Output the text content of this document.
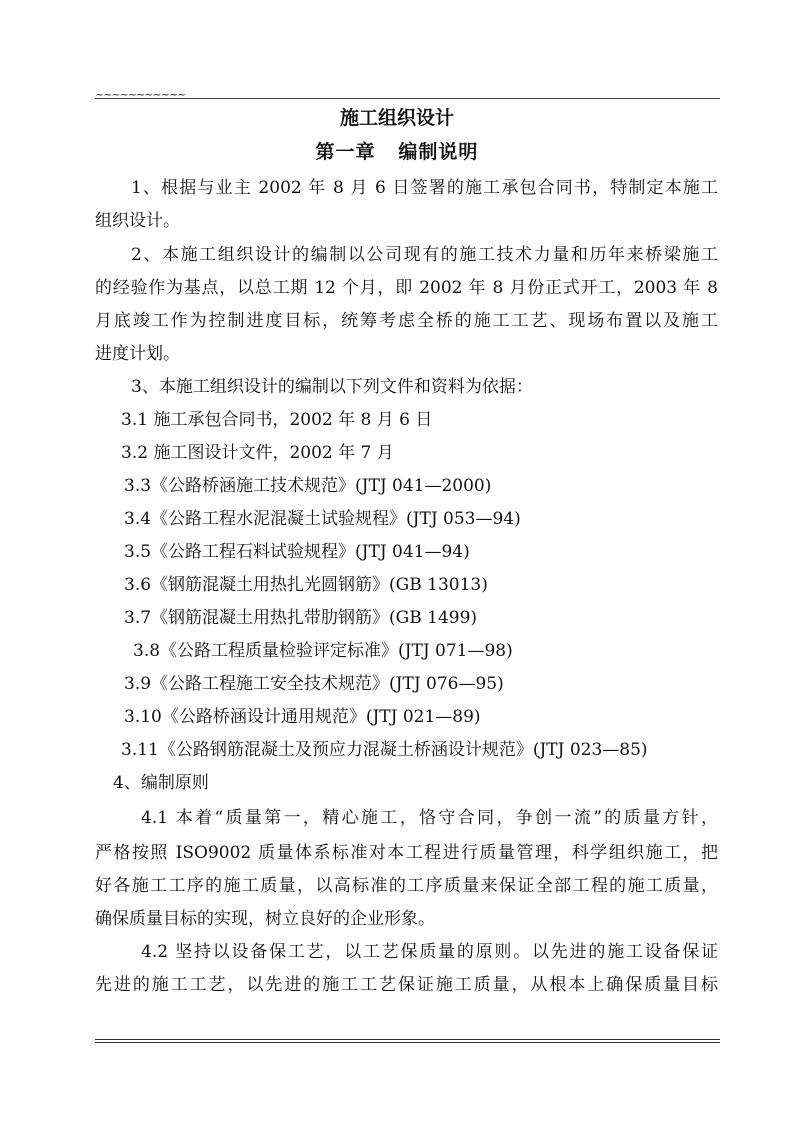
~~~~~~~~~~~
施工组织设计
第一章 编制说明
1、根据与业主 2002 年 8 月 6 日签署的施工承包合同书，特制定本施工
组织设计。
2、本施工组织设计的编制以公司现有的施工技术力量和历年来桥梁施工
的经验作为基点，以总工期 12 个月，即 2002 年 8 月份正式开工，2003 年 8
月底竣工作为控制进度目标，统筹考虑全桥的施工工艺、现场布置以及施工
进度计划。
3、本施工组织设计的编制以下列文件和资料为依据：
3.1 施工承包合同书，2002 年 8 月 6 日
3.2 施工图设计文件，2002 年 7 月
3.3《公路桥涵施工技术规范》(JTJ 041—2000)
3.4《公路工程水泥混凝土试验规程》(JTJ 053—94)
3.5《公路工程石料试验规程》(JTJ 041—94)
3.6《钢筋混凝土用热扎光圆钢筋》(GB 13013)
3.7《钢筋混凝土用热扎带肋钢筋》(GB 1499)
3.8《公路工程质量检验评定标准》(JTJ 071—98)
3.9《公路工程施工安全技术规范》(JTJ 076—95)
3.10《公路桥涵设计通用规范》(JTJ 021—89)
3.11《公路钢筋混凝土及预应力混凝土桥涵设计规范》(JTJ 023—85)
4、编制原则
4.1 本着“质量第一，精心施工，恪守合同，争创一流”的质量方针，
严格按照 ISO9002 质量体系标准对本工程进行质量管理，科学组织施工，把
好各施工工序的施工质量，以高标准的工序质量来保证全部工程的施工质量，
确保质量目标的实现，树立良好的企业形象。
4.2 坚持以设备保工艺，以工艺保质量的原则。以先进的施工设备保证
先进的施工工艺，以先进的施工工艺保证施工质量，从根本上确保质量目标
